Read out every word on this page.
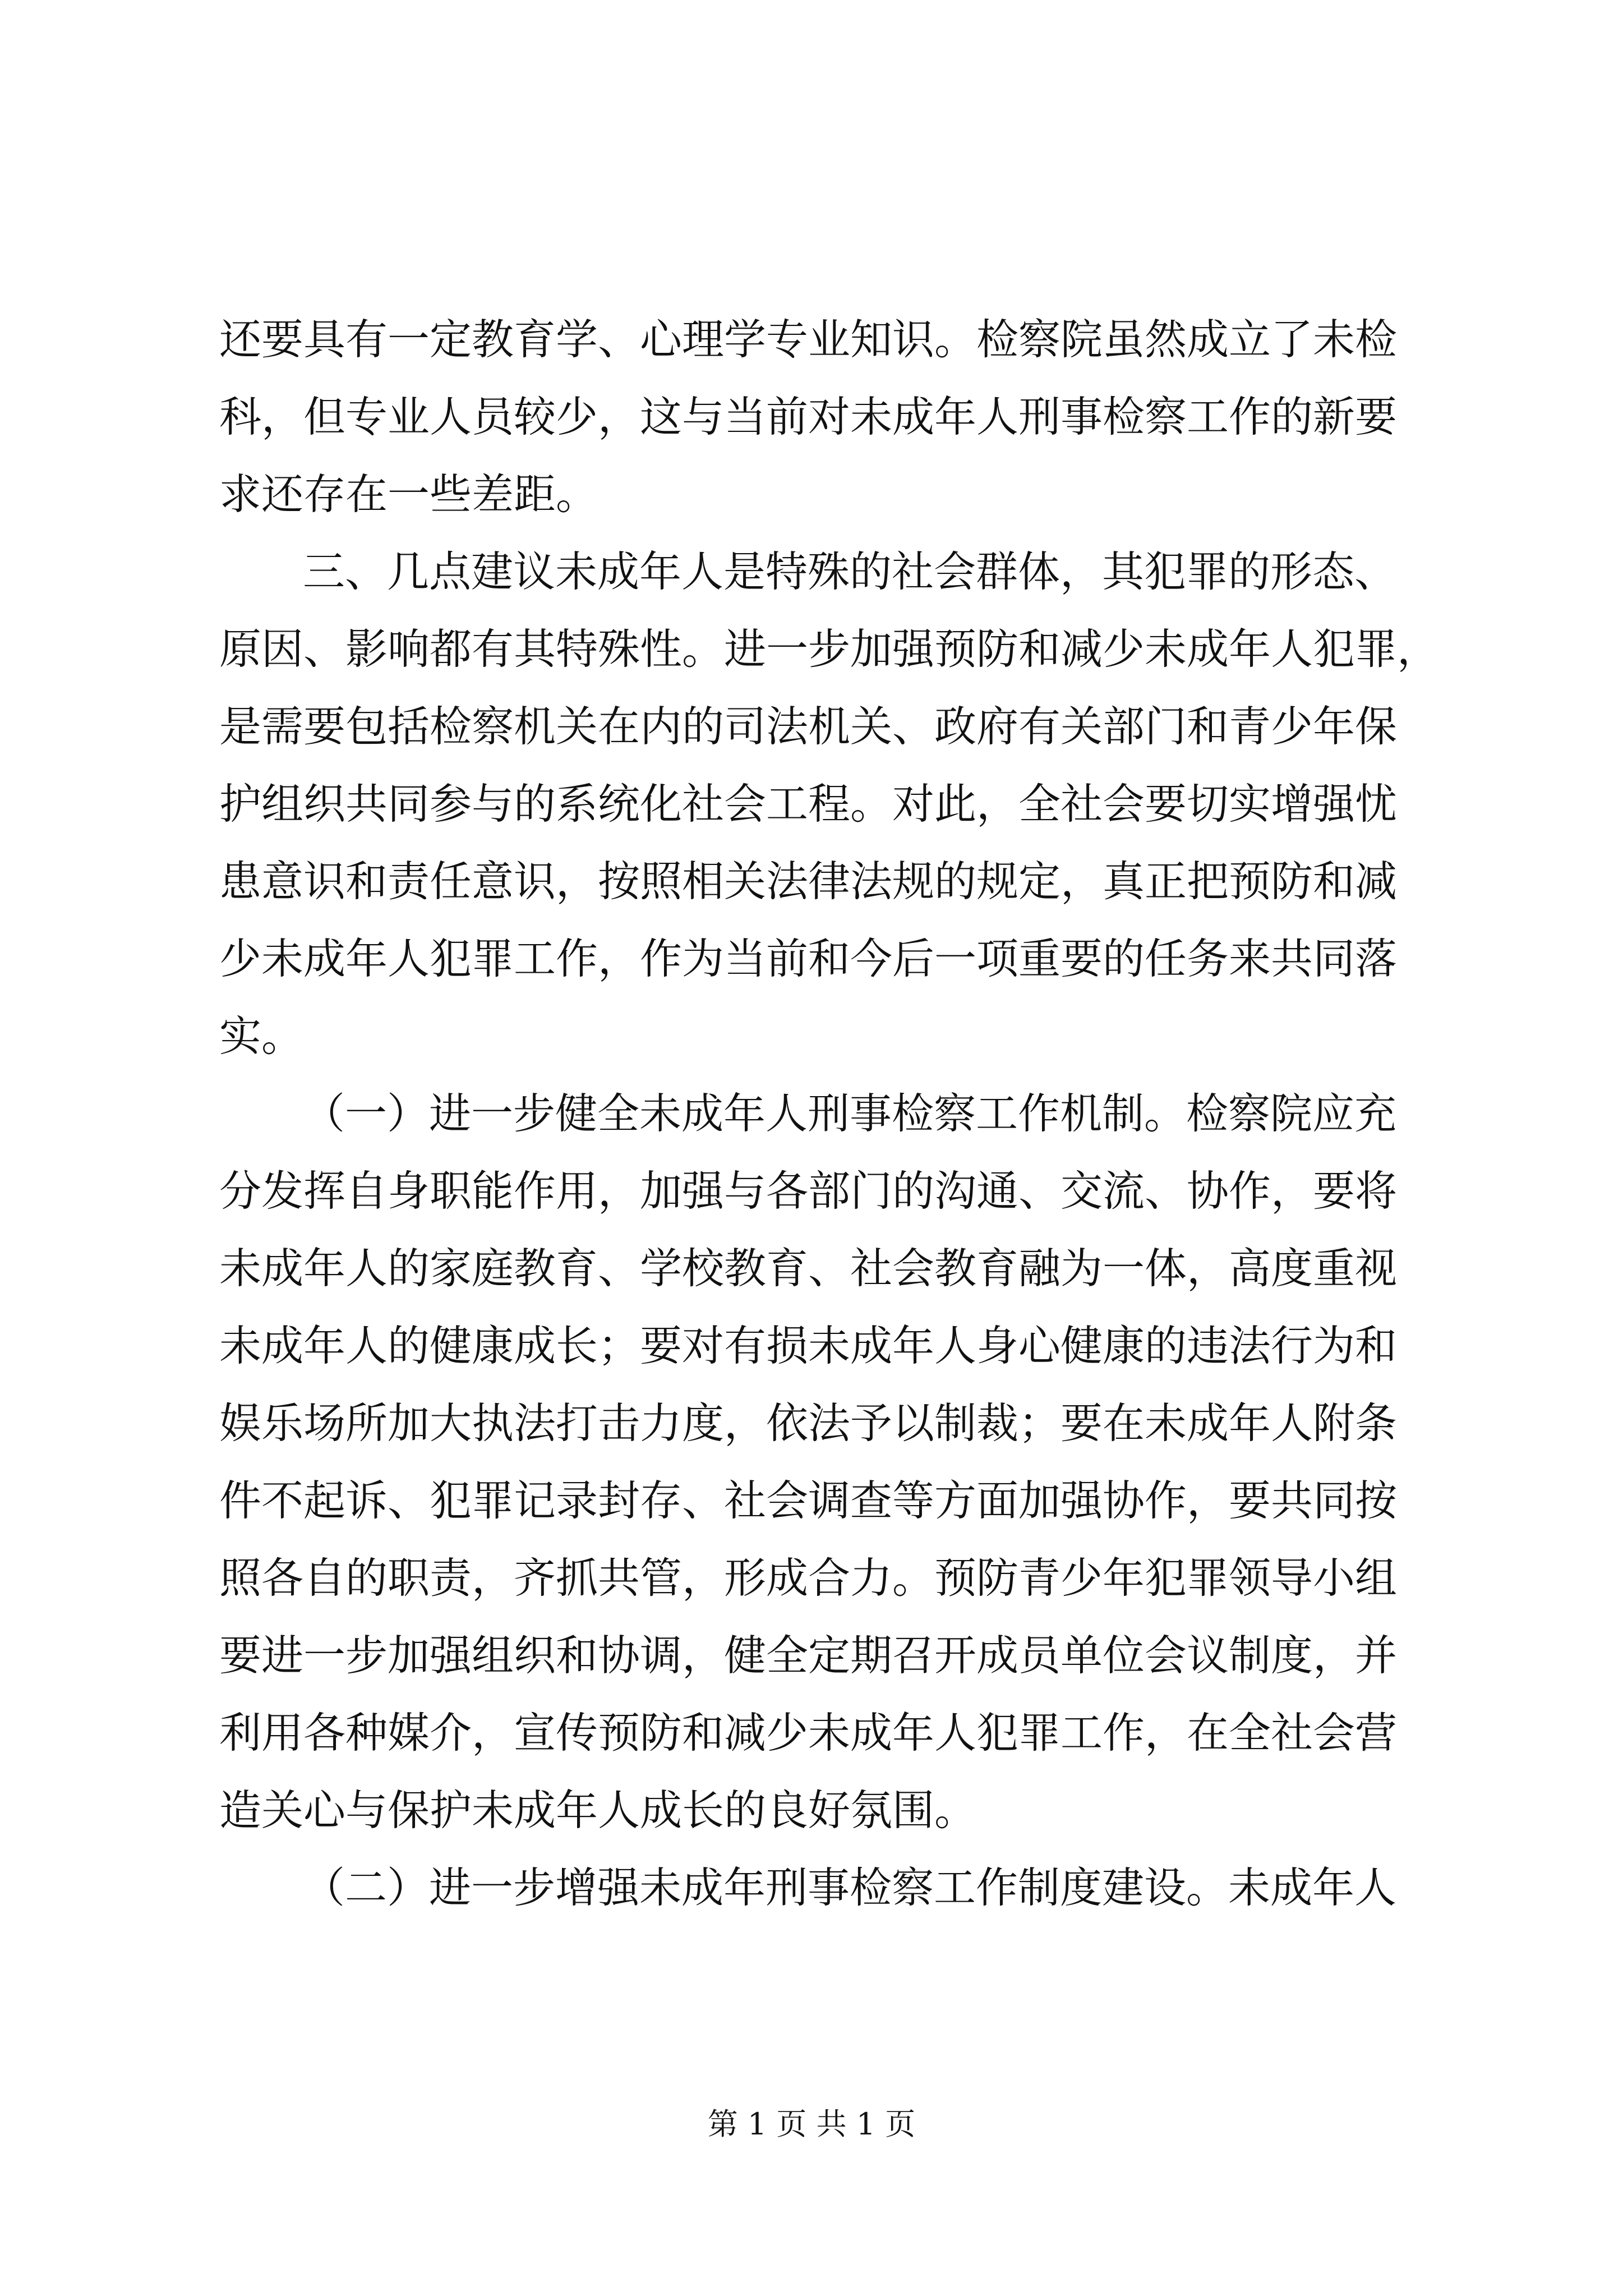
还要具有一定教育学、心理学专业知识。检察院虽然成立了未检
科，但专业人员较少，这与当前对未成年人刑事检察工作的新要
求还存在一些差距。
三、几点建议未成年人是特殊的社会群体，其犯罪的形态、
原因、影响都有其特殊性。进一步加强预防和减少未成年人犯罪，
是需要包括检察机关在内的司法机关、政府有关部门和青少年保
护组织共同参与的系统化社会工程。对此，全社会要切实增强忧
患意识和责任意识，按照相关法律法规的规定，真正把预防和减
少未成年人犯罪工作，作为当前和今后一项重要的任务来共同落
实。
（一）进一步健全未成年人刑事检察工作机制。检察院应充
分发挥自身职能作用，加强与各部门的沟通、交流、协作，要将
未成年人的家庭教育、学校教育、社会教育融为一体，高度重视
未成年人的健康成长；要对有损未成年人身心健康的违法行为和
娱乐场所加大执法打击力度，依法予以制裁；要在未成年人附条
件不起诉、犯罪记录封存、社会调查等方面加强协作，要共同按
照各自的职责，齐抓共管，形成合力。预防青少年犯罪领导小组
要进一步加强组织和协调，健全定期召开成员单位会议制度，并
利用各种媒介，宣传预防和减少未成年人犯罪工作，在全社会营
造关心与保护未成年人成长的良好氛围。
（二）进一步增强未成年刑事检察工作制度建设。未成年人
第 1 页 共 1 页
